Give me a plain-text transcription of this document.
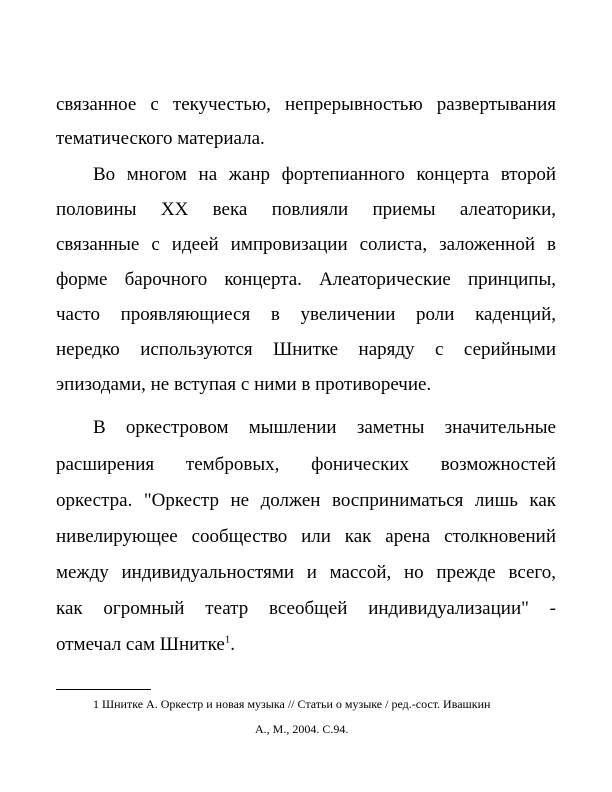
связанное с текучестью, непрерывностью развертывания
тематического материала.
Во многом на жанр фортепианного концерта второй
половины XX века повлияли приемы алеаторики,
связанные с идеей импровизации солиста, заложенной в
форме барочного концерта. Алеаторические принципы,
часто проявляющиеся в увеличении роли каденций,
нередко используются Шнитке наряду с серийными
эпизодами, не вступая с ними в противоречие.
В оркестровом мышлении заметны значительные
расширения тембровых, фонических возможностей
оркестра. "Оркестр не должен восприниматься лишь как
нивелирующее сообщество или как арена столкновений
между индивидуальностями и массой, но прежде всего,
как огромный театр всеобщей индивидуализации" -
отмечал сам Шнитке$^1$.
1 Шнитке А. Оркестр и новая музыка // Статьи о музыке / ред.-сост. Ивашкин
А., М., 2004. С.94.
